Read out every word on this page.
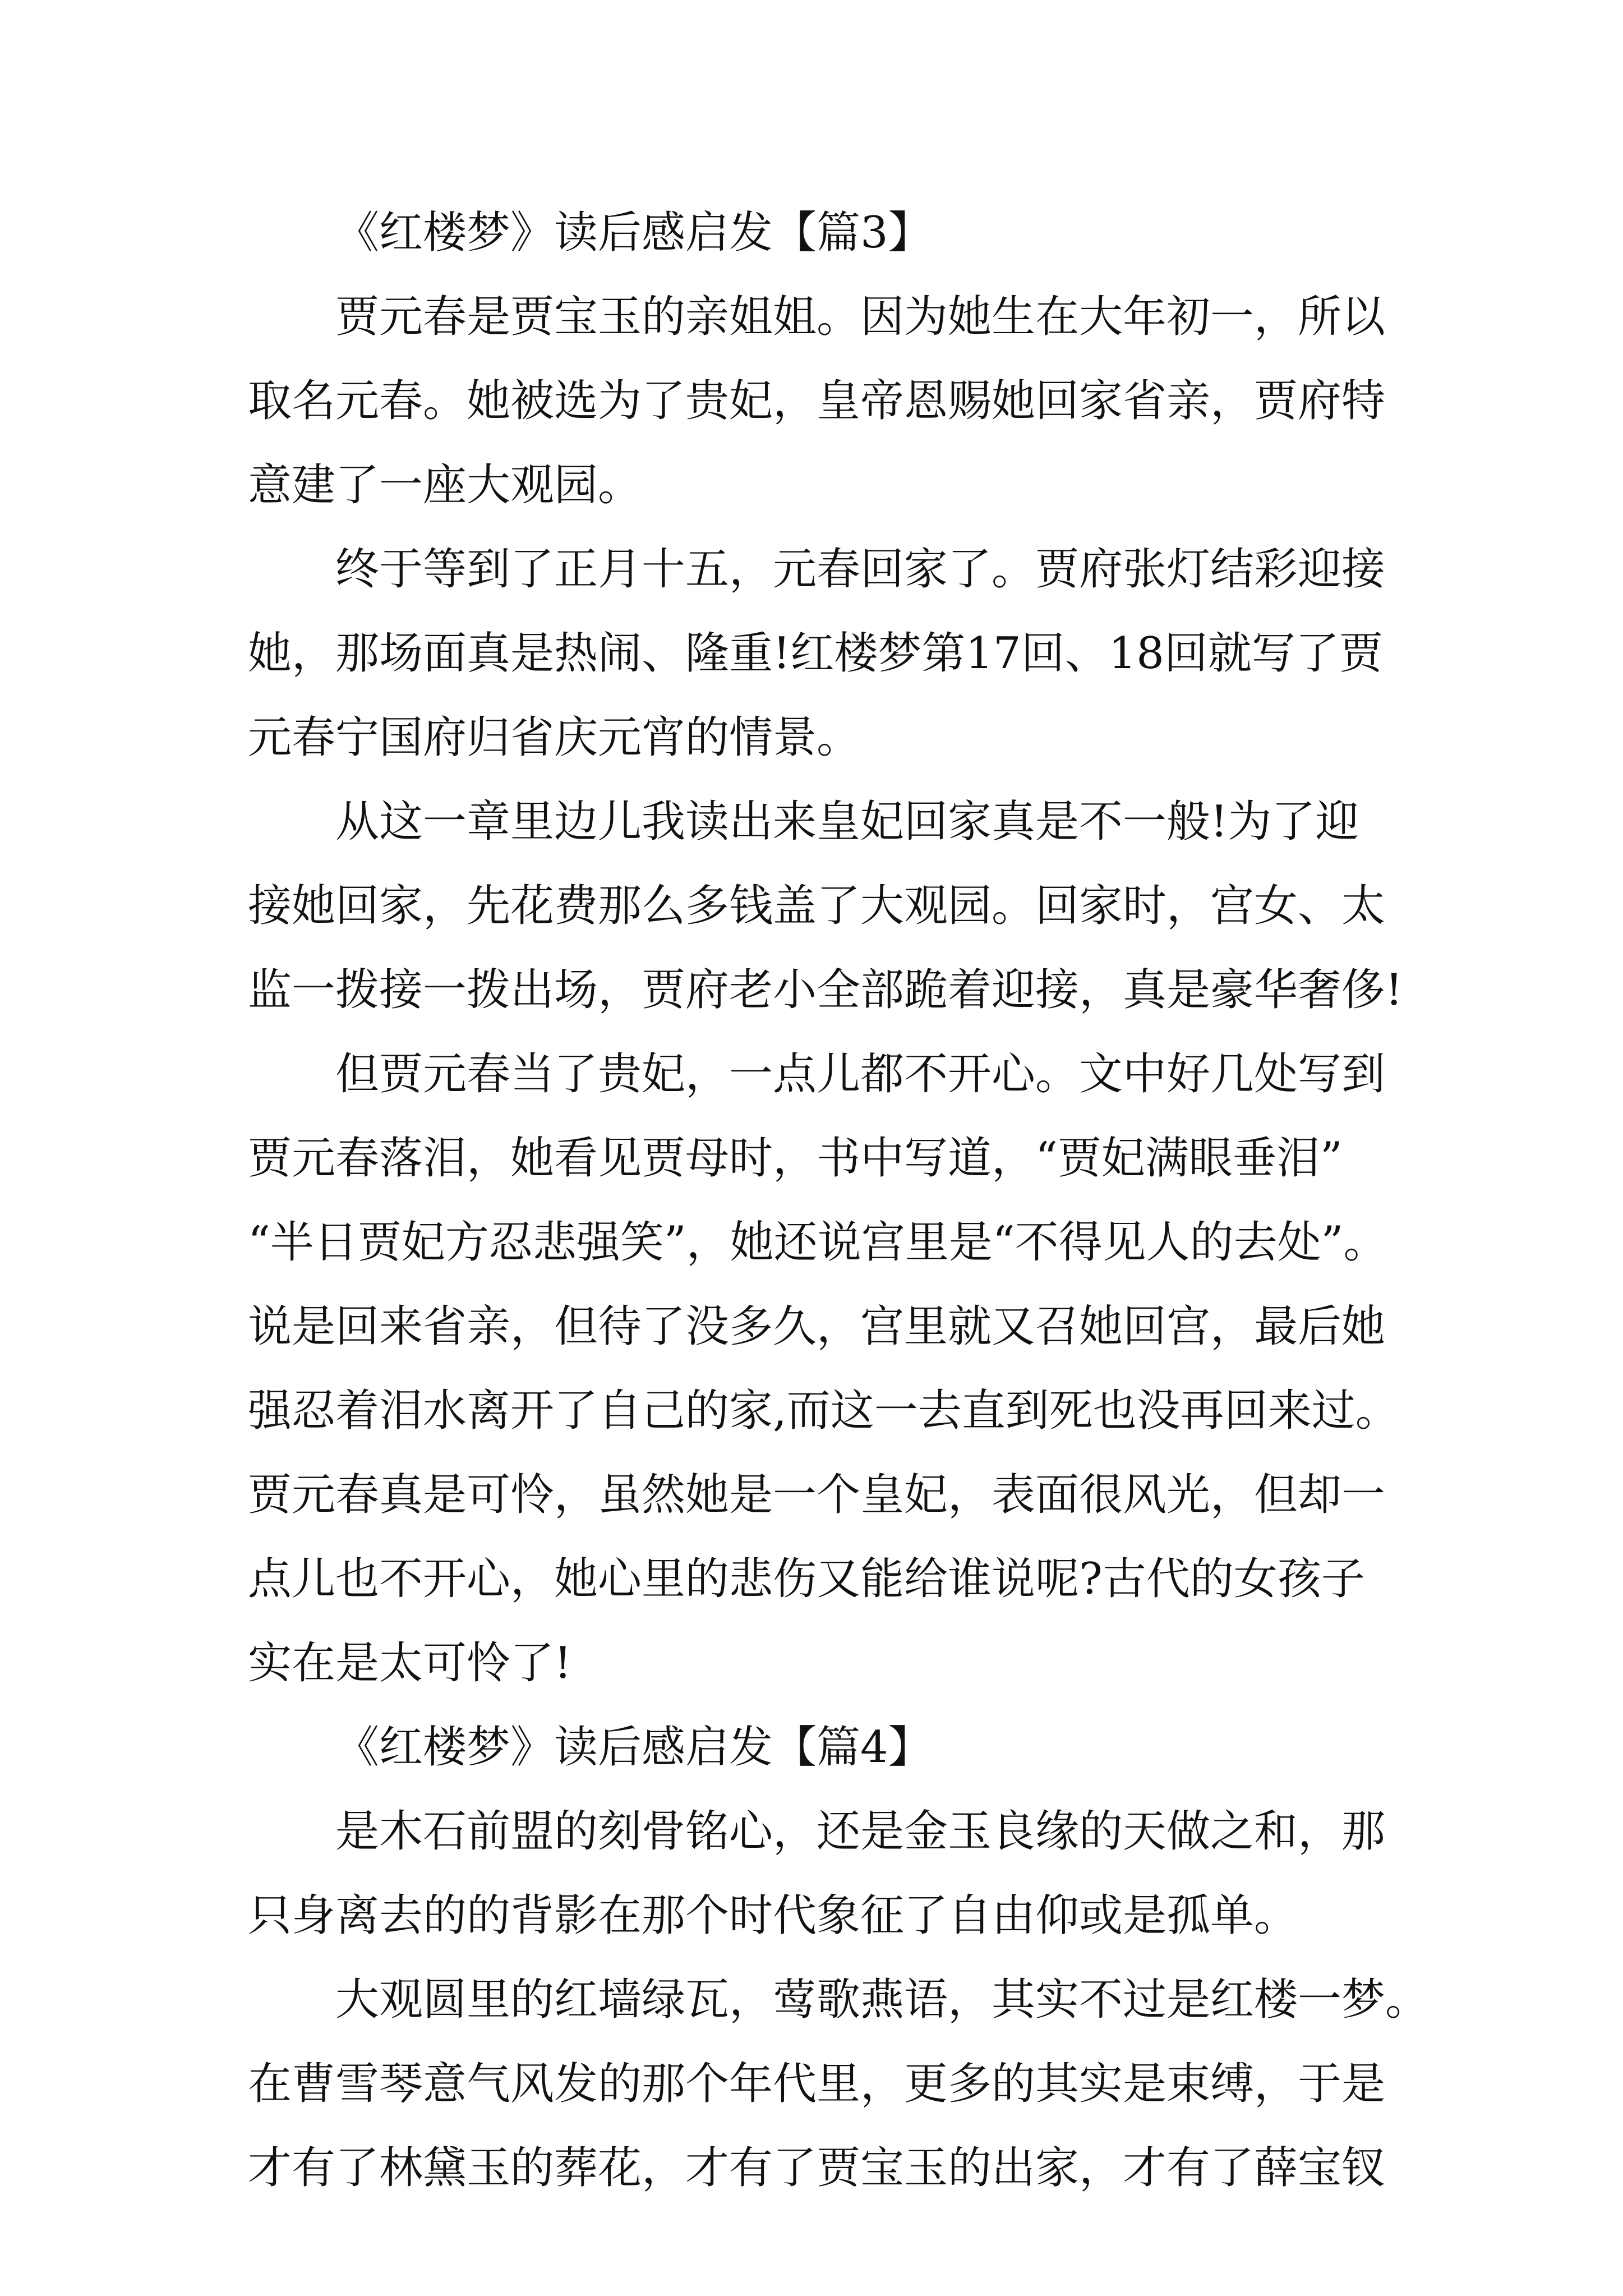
《红楼梦》读后感启发【篇3】
贾元春是贾宝玉的亲姐姐。因为她生在大年初一，所以
取名元春。她被选为了贵妃，皇帝恩赐她回家省亲，贾府特
意建了一座大观园。
终于等到了正月十五，元春回家了。贾府张灯结彩迎接
她，那场面真是热闹、隆重!红楼梦第17回、18回就写了贾
元春宁国府归省庆元宵的情景。
从这一章里边儿我读出来皇妃回家真是不一般!为了迎
接她回家，先花费那么多钱盖了大观园。回家时，宫女、太
监一拨接一拨出场，贾府老小全部跪着迎接，真是豪华奢侈!
但贾元春当了贵妃，一点儿都不开心。文中好几处写到
贾元春落泪，她看见贾母时，书中写道，“贾妃满眼垂泪”
“半日贾妃方忍悲强笑”，她还说宫里是“不得见人的去处”。
说是回来省亲，但待了没多久，宫里就又召她回宫，最后她
强忍着泪水离开了自己的家,而这一去直到死也没再回来过。
贾元春真是可怜，虽然她是一个皇妃，表面很风光，但却一
点儿也不开心，她心里的悲伤又能给谁说呢?古代的女孩子
实在是太可怜了!
《红楼梦》读后感启发【篇4】
是木石前盟的刻骨铭心，还是金玉良缘的天做之和，那
只身离去的的背影在那个时代象征了自由仰或是孤单。
大观圆里的红墙绿瓦，莺歌燕语，其实不过是红楼一梦。
在曹雪琴意气风发的那个年代里，更多的其实是束缚，于是
才有了林黛玉的葬花，才有了贾宝玉的出家，才有了薛宝钗
